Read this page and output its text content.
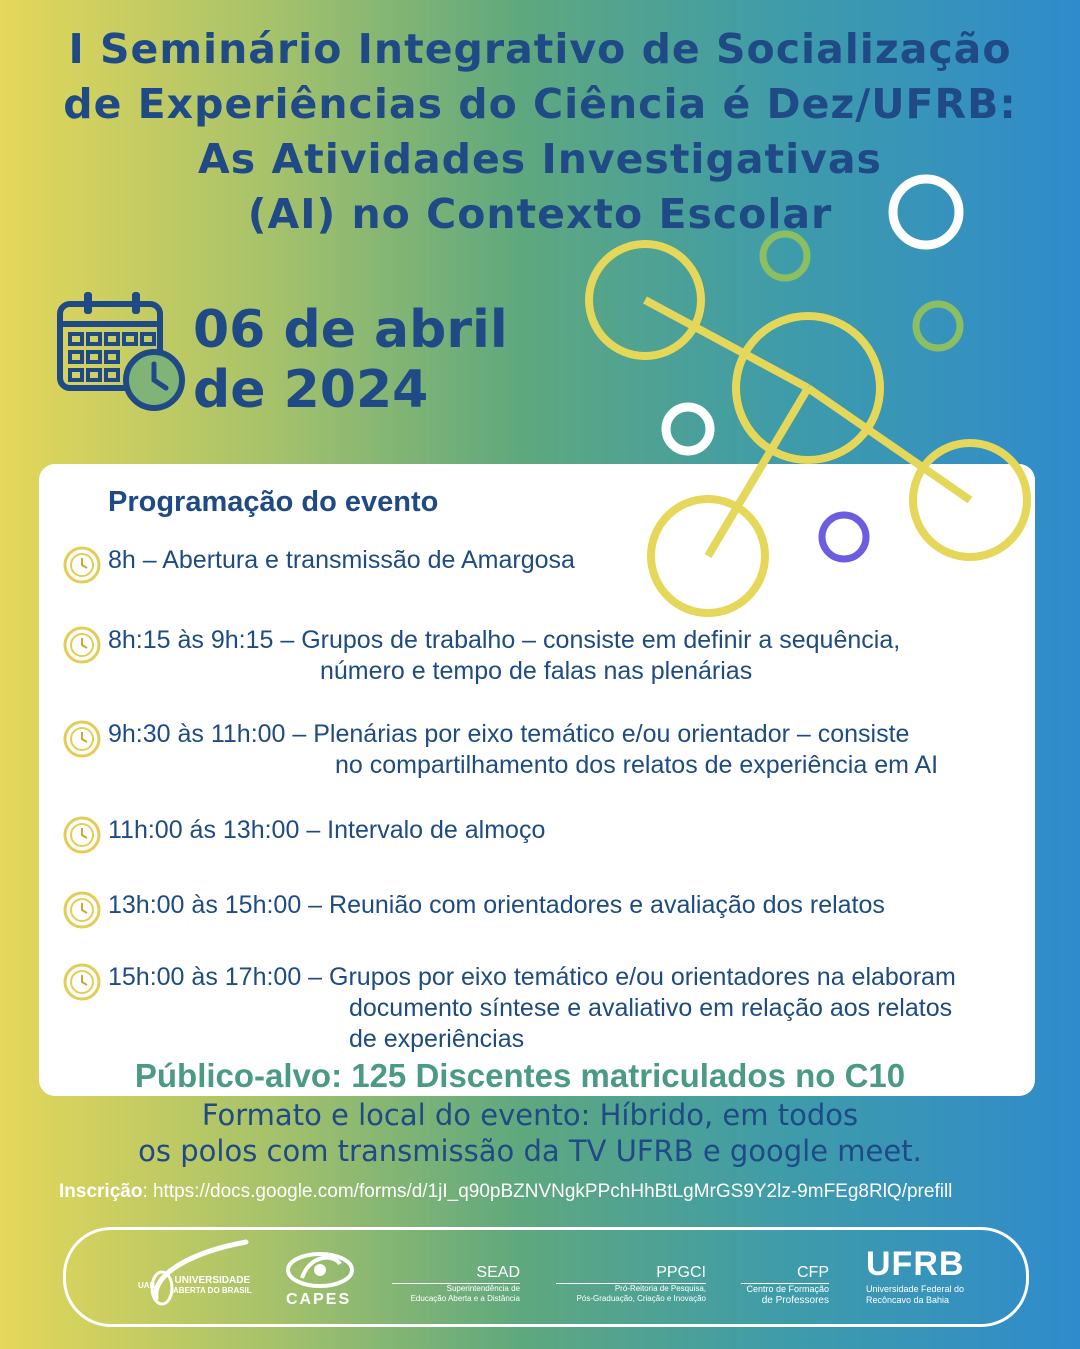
I Seminário Integrativo de Socialização
de Experiências do Ciência é Dez/UFRB:
As Atividades Investigativas
(AI) no Contexto Escolar
06 de abril
de 2024
Programação do evento
8h – Abertura e transmissão de Amargosa
8h:15 às 9h:15 – Grupos de trabalho – consiste em definir a sequência,
número e tempo de falas nas plenárias
9h:30 às 11h:00 – Plenárias por eixo temático e/ou orientador – consiste
no compartilhamento dos relatos de experiência em AI
11h:00 ás 13h:00 – Intervalo de almoço
13h:00 às 15h:00 – Reunião com orientadores e avaliação dos relatos
15h:00 às 17h:00 – Grupos por eixo temático e/ou orientadores na elaboram
documento síntese e avaliativo em relação aos relatos
de experiências
Público-alvo: 125 Discentes matriculados no C10
Formato e local do evento: Híbrido, em todos
os polos com transmissão da TV UFRB e google meet.
Inscrição: https://docs.google.com/forms/d/1jI_q90pBZNVNgkPPchHhBtLgMrGS9Y2lz-9mFEg8RlQ/prefill
UAB UNIVERSIDADE
ABERTA DO BRASIL
CAPES
SEAD
Superintendência de
Educação Aberta e a Distância
PPGCI
Pró-Reitoria de Pesquisa,
Pós-Graduação, Criação e Inovação
CFP
Centro de Formação
de Professores
UFRB
Universidade Federal do
Recôncavo da Bahia
